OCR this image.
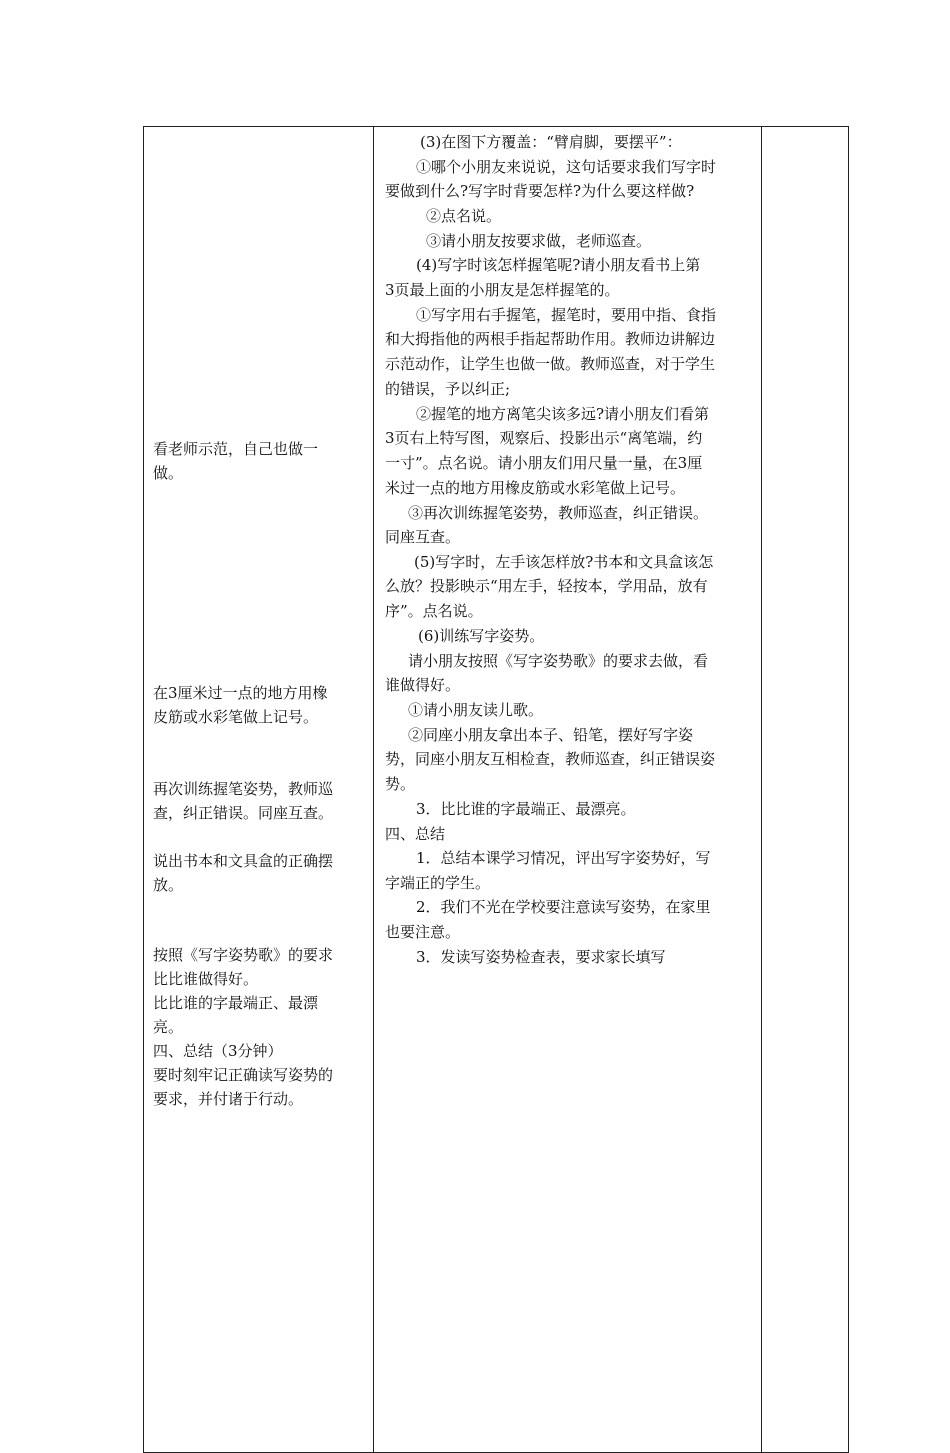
看老师示范，自己也做一
做。
在3厘米过一点的地方用橡
皮筋或水彩笔做上记号。
再次训练握笔姿势，教师巡
查，纠正错误。同座互查。
说出书本和文具盒的正确摆
放。
按照《写字姿势歌》的要求
比比谁做得好。
比比谁的字最端正、最漂
亮。
四、总结（3分钟）
要时刻牢记正确读写姿势的
要求，并付诸于行动。
(3)在图下方覆盖：“臂肩脚，要摆平”：
①哪个小朋友来说说，这句话要求我们写字时
要做到什么?写字时背要怎样?为什么要这样做?
②点名说。
③请小朋友按要求做，老师巡查。
(4)写字时该怎样握笔呢?请小朋友看书上第
3页最上面的小朋友是怎样握笔的。
①写字用右手握笔，握笔时，要用中指、食指
和大拇指他的两根手指起帮助作用。教师边讲解边
示范动作，让学生也做一做。教师巡查，对于学生
的错误，予以纠正;
②握笔的地方离笔尖该多远?请小朋友们看第
3页右上特写图，观察后、投影出示“离笔端，约
一寸”。点名说。请小朋友们用尺量一量，在3厘
米过一点的地方用橡皮筋或水彩笔做上记号。
③再次训练握笔姿势，教师巡查，纠正错误。
同座互查。
(5)写字时，左手该怎样放?书本和文具盒该怎
么放？投影映示“用左手，轻按本，学用品，放有
序”。点名说。
(6)训练写字姿势。
请小朋友按照《写字姿势歌》的要求去做，看
谁做得好。
①请小朋友读儿歌。
②同座小朋友拿出本子、铅笔，摆好写字姿
势，同座小朋友互相检查，教师巡查，纠正错误姿
势。
3．比比谁的字最端正、最漂亮。
四、总结
1．总结本课学习情况，评出写字姿势好，写
字端正的学生。
2．我们不光在学校要注意读写姿势，在家里
也要注意。
3．发读写姿势检查表，要求家长填写
